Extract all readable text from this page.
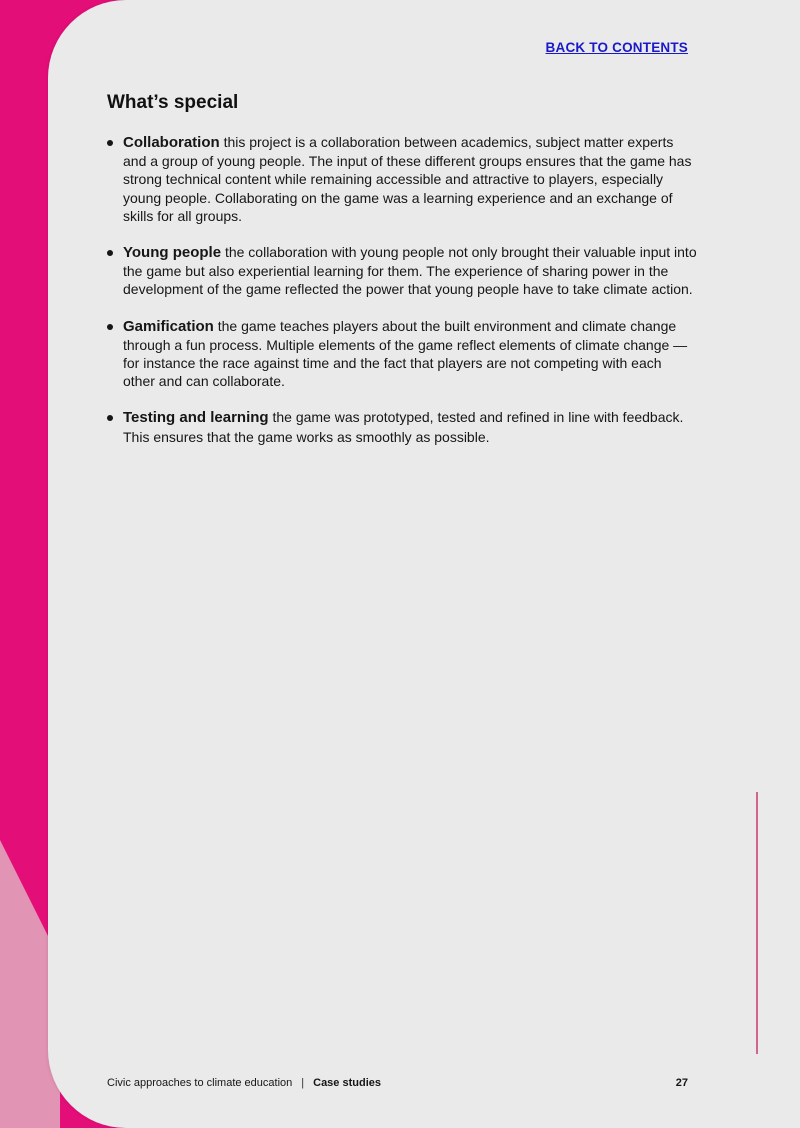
BACK TO CONTENTS
What’s special
Collaboration this project is a collaboration between academics, subject matter experts and a group of young people. The input of these different groups ensures that the game has strong technical content while remaining accessible and attractive to players, especially young people. Collaborating on the game was a learning experience and an exchange of skills for all groups.
Young people the collaboration with young people not only brought their valuable input into the game but also experiential learning for them. The experience of sharing power in the development of the game reflected the power that young people have to take climate action.
Gamification the game teaches players about the built environment and climate change through a fun process. Multiple elements of the game reflect elements of climate change — for instance the race against time and the fact that players are not competing with each other and can collaborate.
Testing and learning the game was prototyped, tested and refined in line with feedback. This ensures that the game works as smoothly as possible.
Civic approaches to climate education | Case studies	27
